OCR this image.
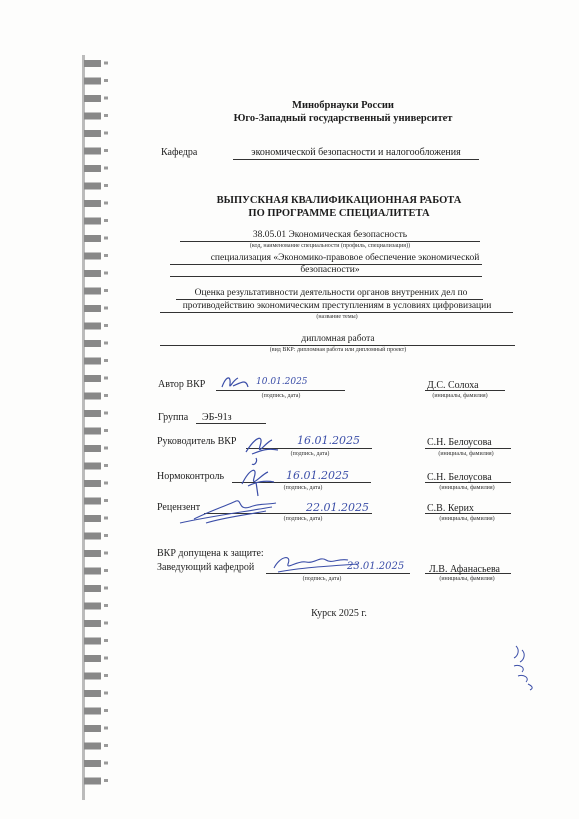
Минобрнауки России
Юго-Западный государственный университет
Кафедра	экономической безопасности и налогообложения
ВЫПУСКНАЯ КВАЛИФИКАЦИОННАЯ РАБОТА
ПО ПРОГРАММЕ СПЕЦИАЛИТЕТА
38.05.01 Экономическая безопасность
(код, наименование специальности (профиль, специализация))
специализация «Экономико-правовое обеспечение экономической
безопасности»
Оценка результативности деятельности органов внутренних дел по
противодействию экономическим преступлениям в условиях цифровизации
(название темы)
дипломная работа
(вид ВКР: дипломная работа или дипломный проект)
Автор ВКР	10.01.2025
(подпись, дата)
Д.С. Солоха
(инициалы, фамилия)
Группа ЭБ-91з
Руководитель ВКР	16.01.2025
(подпись, дата)
С.Н. Белоусова
(инициалы, фамилия)
Нормоконтроль	16.01.2025
(подпись, дата)
С.Н. Белоусова
(инициалы, фамилия)
Рецензент	22.01.2025
(подпись, дата)
С.В. Керих
(инициалы, фамилия)
ВКР допущена к защите:
Заведующий кафедрой	23.01.2025
(подпись, дата)
Л.В. Афанасьева
(инициалы, фамилия)
Курск 2025 г.
